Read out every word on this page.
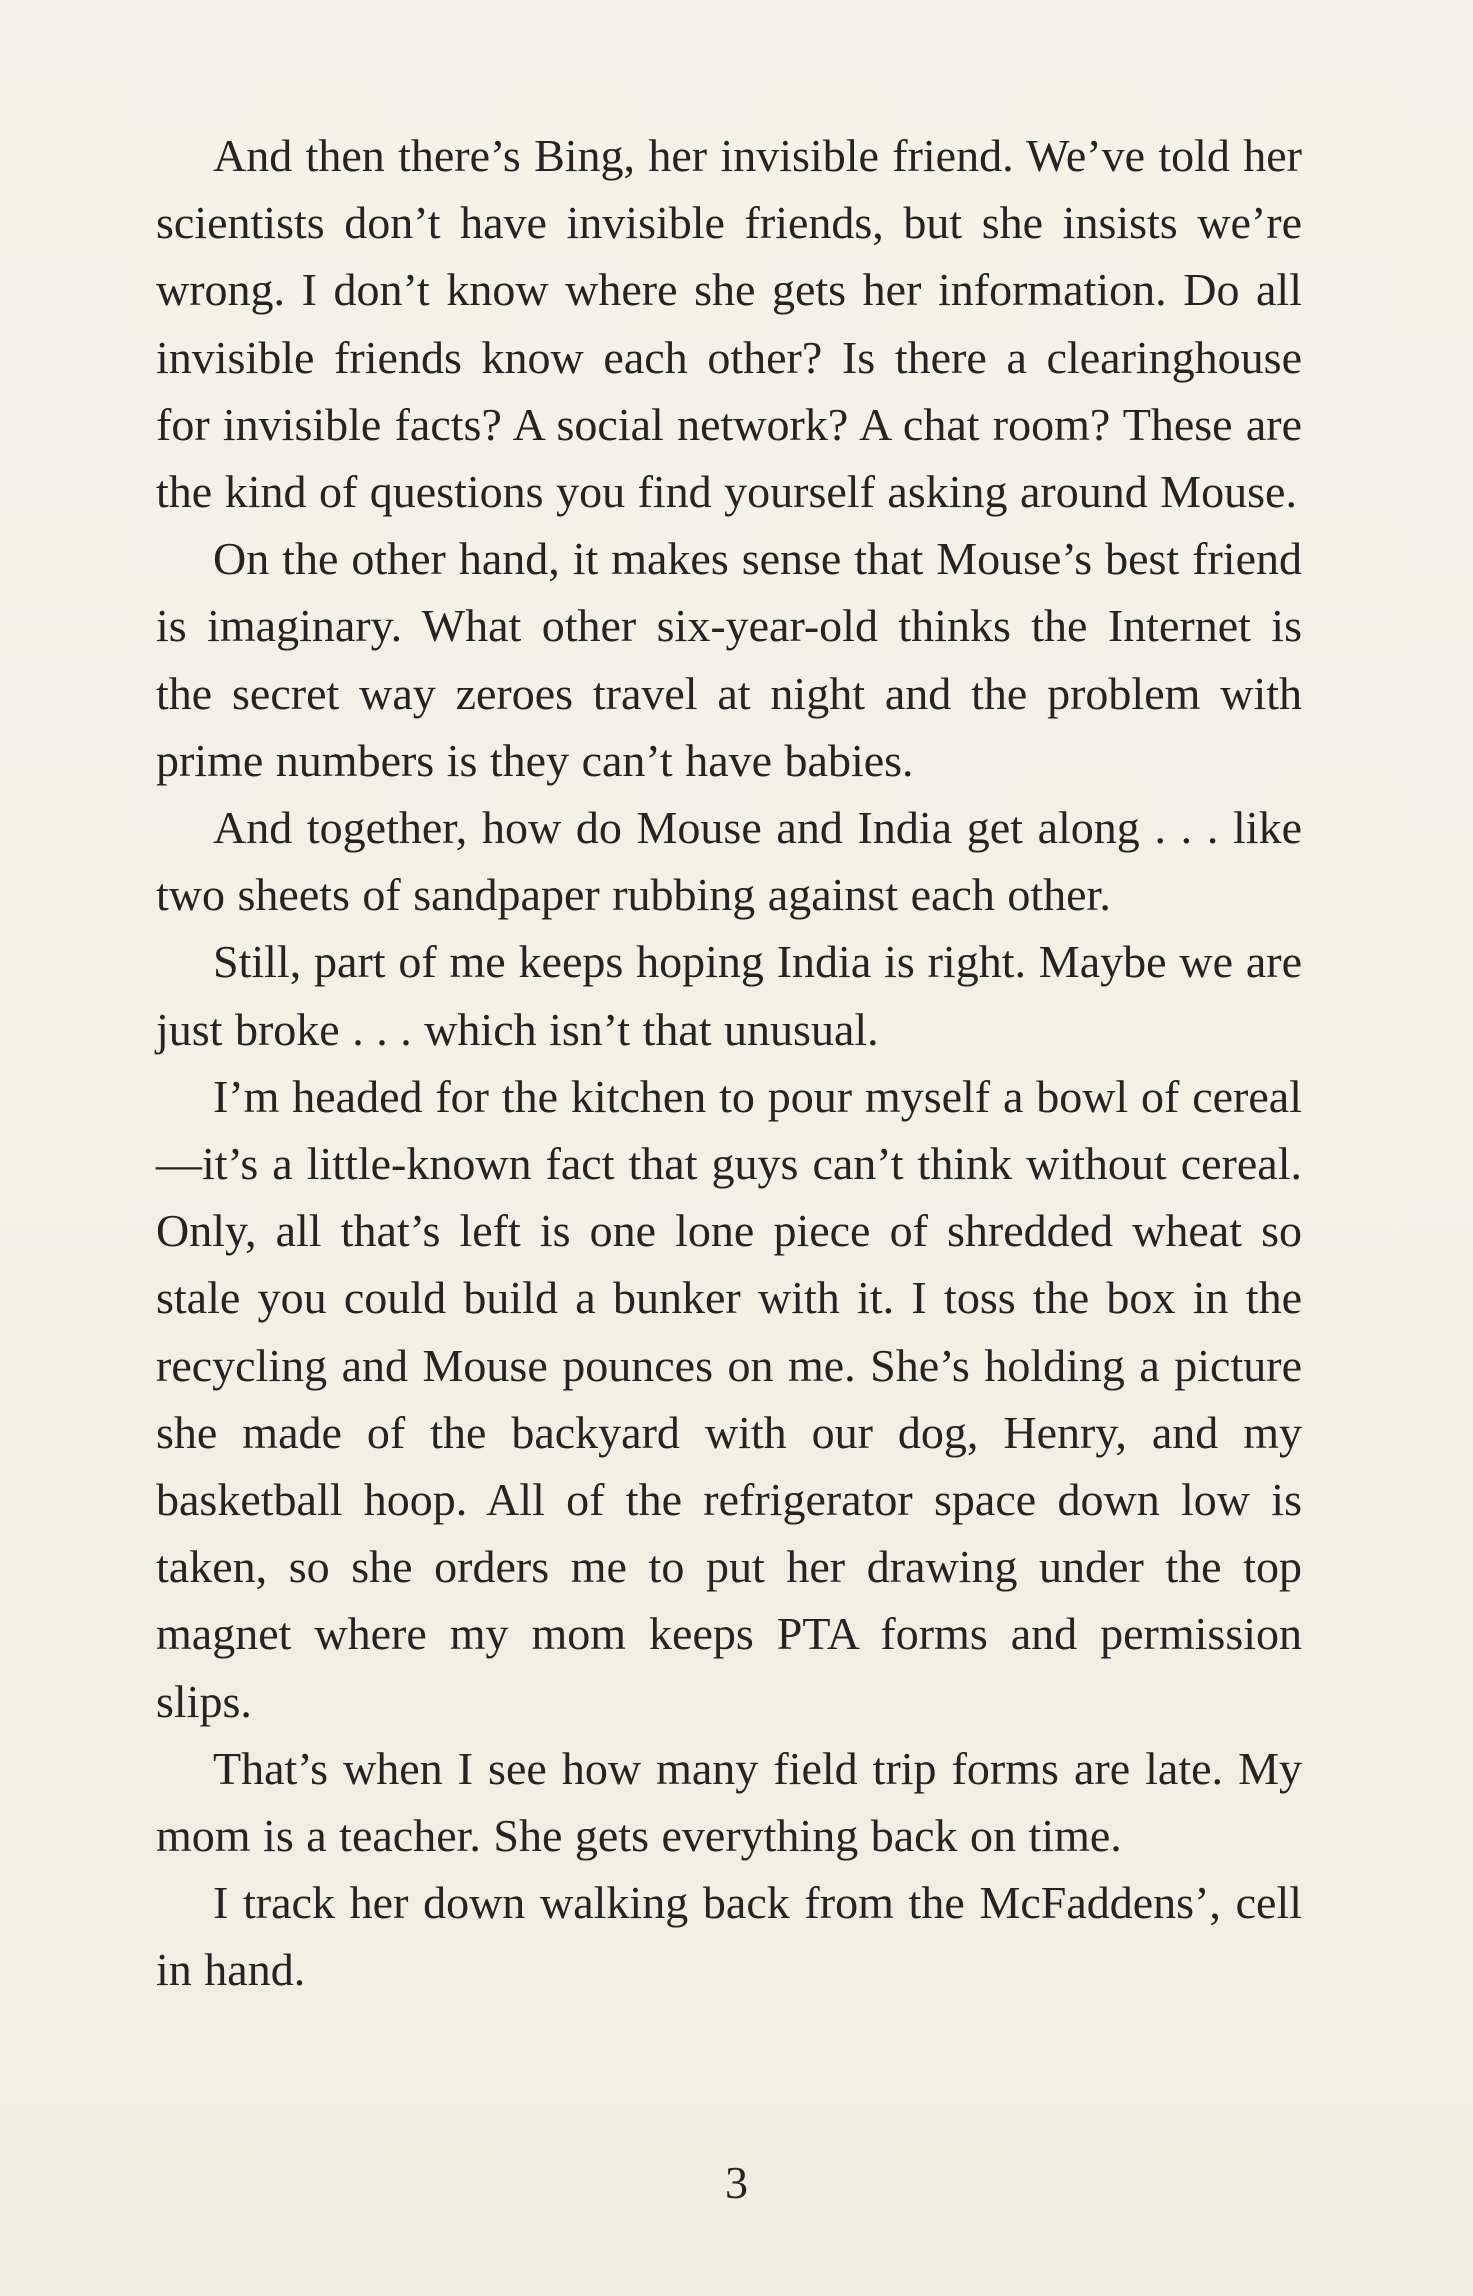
And then there’s Bing, her invisible friend. We’ve told her scientists don’t have invisible friends, but she insists we’re wrong. I don’t know where she gets her information. Do all invisible friends know each other? Is there a clearinghouse for invisible facts? A social network? A chat room? These are the kind of questions you find yourself asking around Mouse.

On the other hand, it makes sense that Mouse’s best friend is imaginary. What other six-year-old thinks the Internet is the secret way zeroes travel at night and the problem with prime numbers is they can’t have babies.

And together, how do Mouse and India get along . . . like two sheets of sandpaper rubbing against each other.

Still, part of me keeps hoping India is right. Maybe we are just broke . . . which isn’t that unusual.

I’m headed for the kitchen to pour myself a bowl of cereal—it’s a little-known fact that guys can’t think without cereal. Only, all that’s left is one lone piece of shredded wheat so stale you could build a bunker with it. I toss the box in the recycling and Mouse pounces on me. She’s holding a picture she made of the backyard with our dog, Henry, and my basketball hoop. All of the refrigerator space down low is taken, so she orders me to put her drawing under the top magnet where my mom keeps PTA forms and permission slips.

That’s when I see how many field trip forms are late. My mom is a teacher. She gets everything back on time.

I track her down walking back from the McFaddens’, cell in hand.

3
